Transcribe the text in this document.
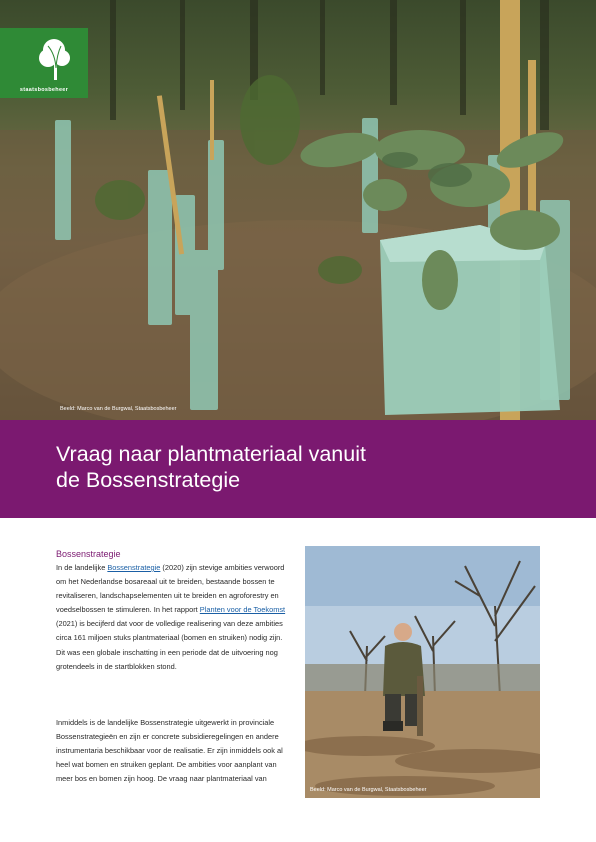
staatsbosbeheer
Beeld: Marco van de Burgwal, Staatsbosbeheer
Vraag naar plantmateriaal vanuit
de Bossenstrategie
Bossenstrategie

In de landelijke Bossenstrategie (2020) zijn stevige ambities verwoord om het Nederlandse bosareaal uit te breiden, bestaande bossen te revitaliseren, landschapselementen uit te breiden en agroforestry en voedselbossen te stimuleren. In het rapport Planten voor de Toekomst (2021) is becijferd dat voor de volledige realisering van deze ambities circa 161 miljoen stuks plantmateriaal (bomen en struiken) nodig zijn. Dit was een globale inschatting in een periode dat de uitvoering nog grotendeels in de startblokken stond.

Inmiddels is de landelijke Bossenstrategie uitgewerkt in provinciale Bossenstrategieën en zijn er concrete subsidieregelingen en andere instrumentaria beschikbaar voor de realisatie. Er zijn inmiddels ook al heel wat bomen en struiken geplant. De ambities voor aanplant van meer bos en bomen zijn hoog. De vraag naar plantmateriaal van

Beeld: Marco van de Burgwal, Staatsbosbeheer
